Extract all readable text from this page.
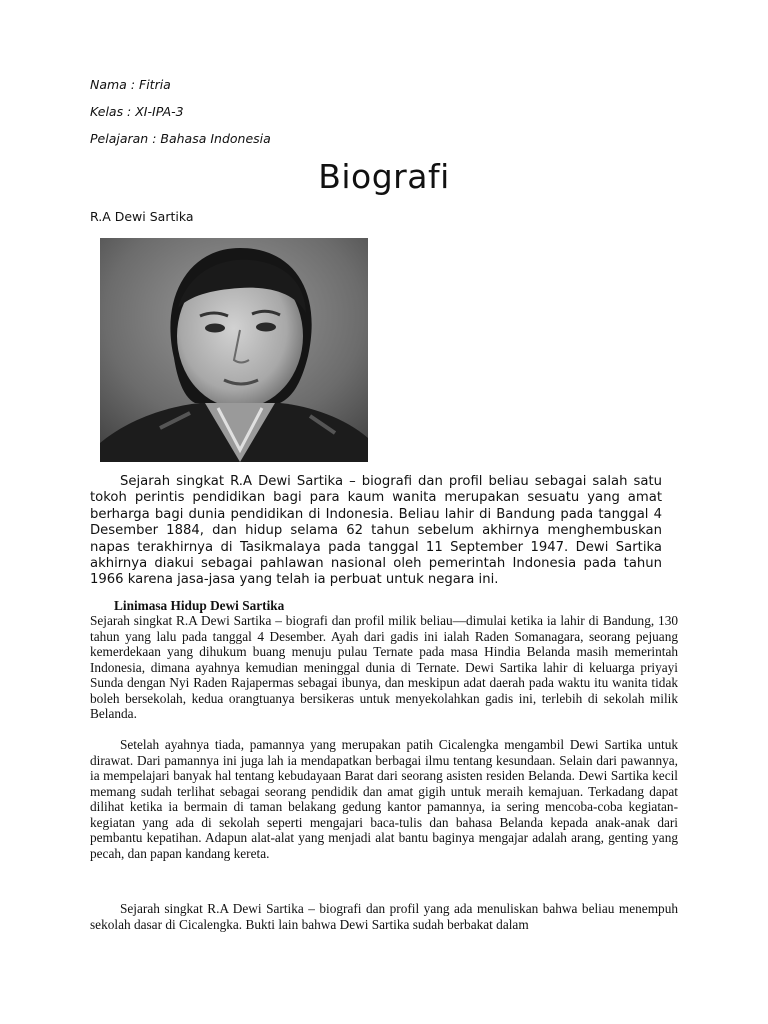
Nama : Fitria
Kelas : XI-IPA-3
Pelajaran : Bahasa Indonesia
Biografi
R.A Dewi Sartika

Sejarah singkat R.A Dewi Sartika – biografi dan profil beliau sebagai salah satu tokoh perintis pendidikan bagi para kaum wanita merupakan sesuatu yang amat berharga bagi dunia pendidikan di Indonesia. Beliau lahir di Bandung pada tanggal 4 Desember 1884, dan hidup selama 62 tahun sebelum akhirnya menghembuskan napas terakhirnya di Tasikmalaya pada tanggal 11 September 1947. Dewi Sartika akhirnya diakui sebagai pahlawan nasional oleh pemerintah Indonesia pada tahun 1966 karena jasa-jasa yang telah ia perbuat untuk negara ini.

Linimasa Hidup Dewi Sartika

Sejarah singkat R.A Dewi Sartika – biografi dan profil milik beliau—dimulai ketika ia lahir di Bandung, 130 tahun yang lalu pada tanggal 4 Desember. Ayah dari gadis ini ialah Raden Somanagara, seorang pejuang kemerdekaan yang dihukum buang menuju pulau Ternate pada masa Hindia Belanda masih memerintah Indonesia, dimana ayahnya kemudian meninggal dunia di Ternate. Dewi Sartika lahir di keluarga priyayi Sunda dengan Nyi Raden Rajapermas sebagai ibunya, dan meskipun adat daerah pada waktu itu wanita tidak boleh bersekolah, kedua orangtuanya bersikeras untuk menyekolahkan gadis ini, terlebih di sekolah milik Belanda.

Setelah ayahnya tiada, pamannya yang merupakan patih Cicalengka mengambil Dewi Sartika untuk dirawat. Dari pamannya ini juga lah ia mendapatkan berbagai ilmu tentang kesundaan. Selain dari pawannya, ia mempelajari banyak hal tentang kebudayaan Barat dari seorang asisten residen Belanda. Dewi Sartika kecil memang sudah terlihat sebagai seorang pendidik dan amat gigih untuk meraih kemajuan. Terkadang dapat dilihat ketika ia bermain di taman belakang gedung kantor pamannya, ia sering mencoba-coba kegiatan-kegiatan yang ada di sekolah seperti mengajari baca-tulis dan bahasa Belanda kepada anak-anak dari pembantu kepatihan. Adapun alat-alat yang menjadi alat bantu baginya mengajar adalah arang, genting yang pecah, dan papan kandang kereta.

Sejarah singkat R.A Dewi Sartika – biografi dan profil yang ada menuliskan bahwa beliau menempuh sekolah dasar di Cicalengka. Bukti lain bahwa Dewi Sartika sudah berbakat dalam
